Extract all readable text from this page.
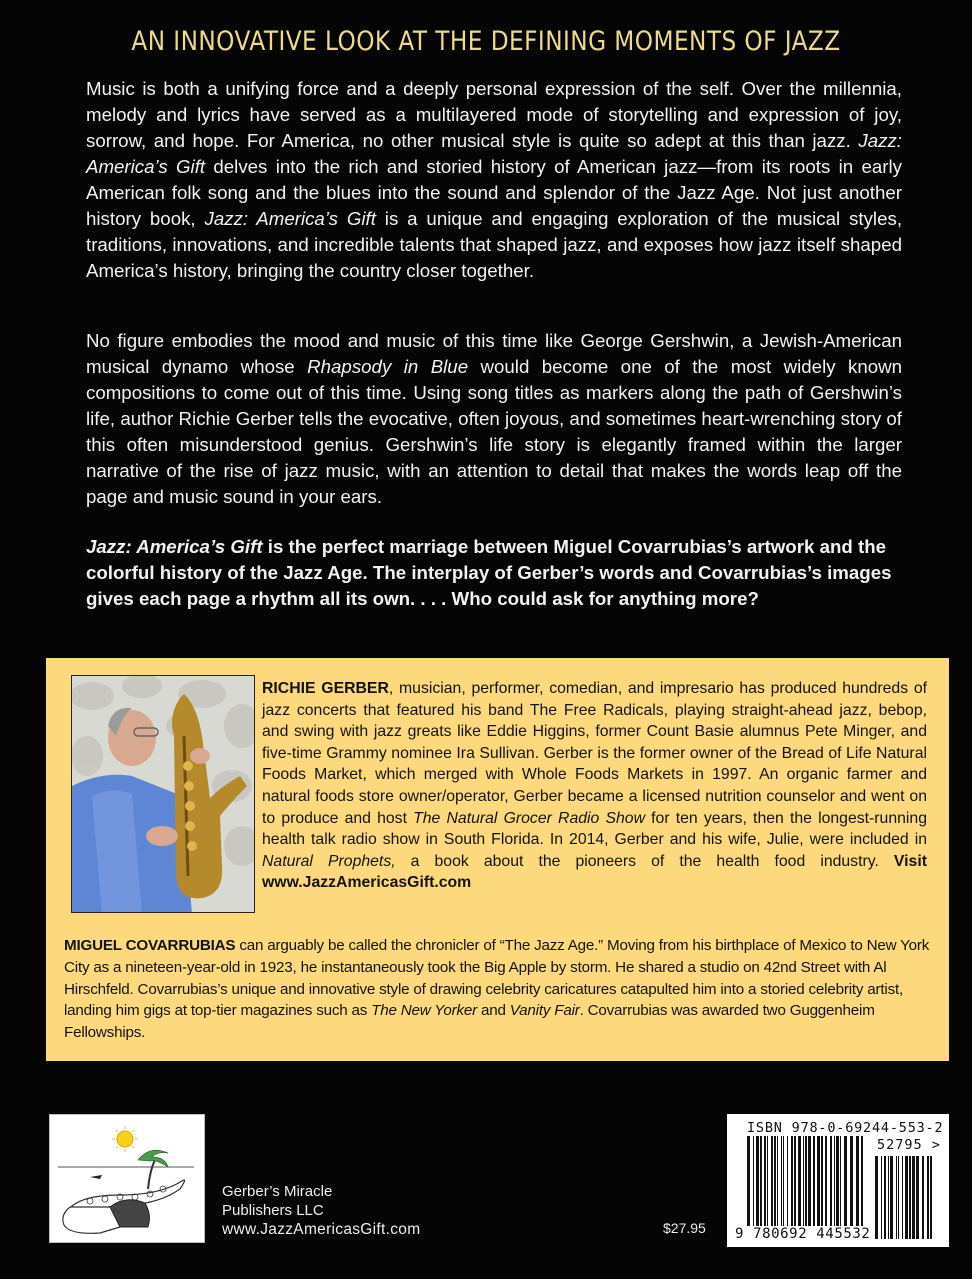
AN INNOVATIVE LOOK AT THE DEFINING MOMENTS OF JAZZ

Music is both a unifying force and a deeply personal expression of the self. Over the millennia, melody and lyrics have served as a multilayered mode of storytelling and expression of joy, sorrow, and hope. For America, no other musical style is quite so adept at this than jazz. Jazz: America’s Gift delves into the rich and storied history of American jazz—from its roots in early American folk song and the blues into the sound and splendor of the Jazz Age. Not just another history book, Jazz: America’s Gift is a unique and engaging exploration of the musical styles, traditions, innovations, and incredible talents that shaped jazz, and exposes how jazz itself shaped America’s history, bringing the country closer together.

No figure embodies the mood and music of this time like George Gershwin, a Jewish-American musical dynamo whose Rhapsody in Blue would become one of the most widely known compositions to come out of this time. Using song titles as markers along the path of Gershwin’s life, author Richie Gerber tells the evocative, often joyous, and sometimes heart-wrenching story of this often misunderstood genius. Gershwin’s life story is elegantly framed within the larger narrative of the rise of jazz music, with an attention to detail that makes the words leap off the page and music sound in your ears.

Jazz: America’s Gift is the perfect marriage between Miguel Covarrubias’s artwork and the colorful history of the Jazz Age. The interplay of Gerber’s words and Covarrubias’s images gives each page a rhythm all its own. . . . Who could ask for anything more?

RICHIE GERBER, musician, performer, comedian, and impresario has produced hundreds of jazz concerts that featured his band The Free Radicals, playing straight-ahead jazz, bebop, and swing with jazz greats like Eddie Higgins, former Count Basie alumnus Pete Minger, and five-time Grammy nominee Ira Sullivan. Gerber is the former owner of the Bread of Life Natural Foods Market, which merged with Whole Foods Markets in 1997. An organic farmer and natural foods store owner/operator, Gerber became a licensed nutrition counselor and went on to produce and host The Natural Grocer Radio Show for ten years, then the longest-running health talk radio show in South Florida. In 2014, Gerber and his wife, Julie, were included in Natural Prophets, a book about the pioneers of the health food industry. Visit www.JazzAmericasGift.com

MIGUEL COVARRUBIAS can arguably be called the chronicler of “The Jazz Age.” Moving from his birthplace of Mexico to New York City as a nineteen-year-old in 1923, he instantaneously took the Big Apple by storm. He shared a studio on 42nd Street with Al Hirschfeld. Covarrubias’s unique and innovative style of drawing celebrity caricatures catapulted him into a storied celebrity artist, landing him gigs at top-tier magazines such as The New Yorker and Vanity Fair. Covarrubias was awarded two Guggenheim Fellowships.

Gerber’s Miracle
Publishers LLC
www.JazzAmericasGift.com	$27.95
ISBN 978-0-69244-553-2
52795 >
9 780692 445532
